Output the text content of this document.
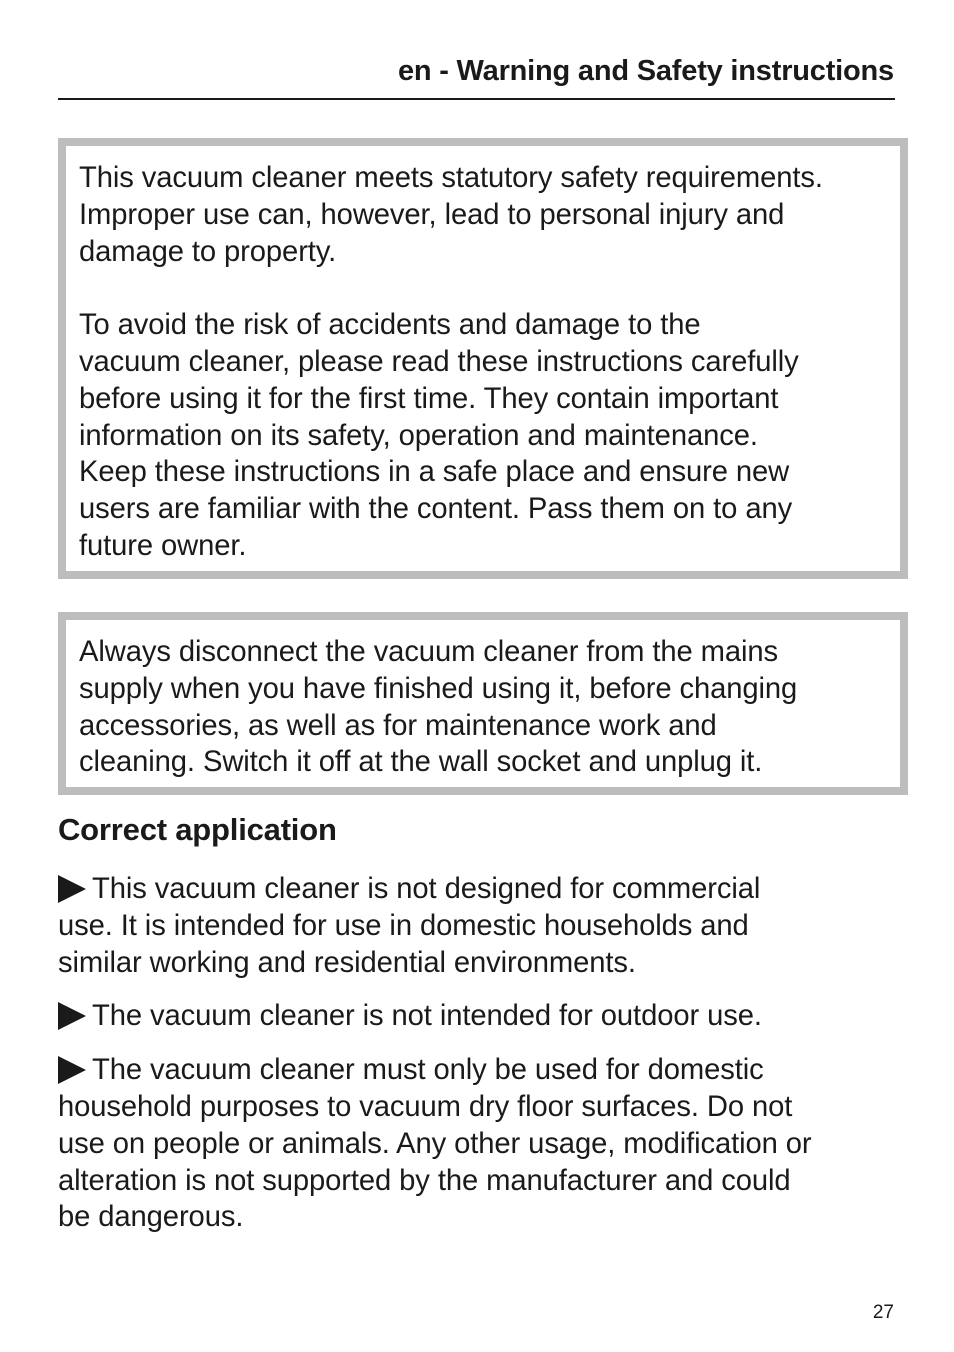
en - Warning and Safety instructions

This vacuum cleaner meets statutory safety requirements.
Improper use can, however, lead to personal injury and
damage to property.

To avoid the risk of accidents and damage to the
vacuum cleaner, please read these instructions carefully
before using it for the first time. They contain important
information on its safety, operation and maintenance.
Keep these instructions in a safe place and ensure new
users are familiar with the content. Pass them on to any
future owner.

Always disconnect the vacuum cleaner from the mains
supply when you have finished using it, before changing
accessories, as well as for maintenance work and
cleaning. Switch it off at the wall socket and unplug it.

Correct application

This vacuum cleaner is not designed for commercial
use. It is intended for use in domestic households and
similar working and residential environments.

The vacuum cleaner is not intended for outdoor use.

The vacuum cleaner must only be used for domestic
household purposes to vacuum dry floor surfaces. Do not
use on people or animals. Any other usage, modification or
alteration is not supported by the manufacturer and could
be dangerous.

27
